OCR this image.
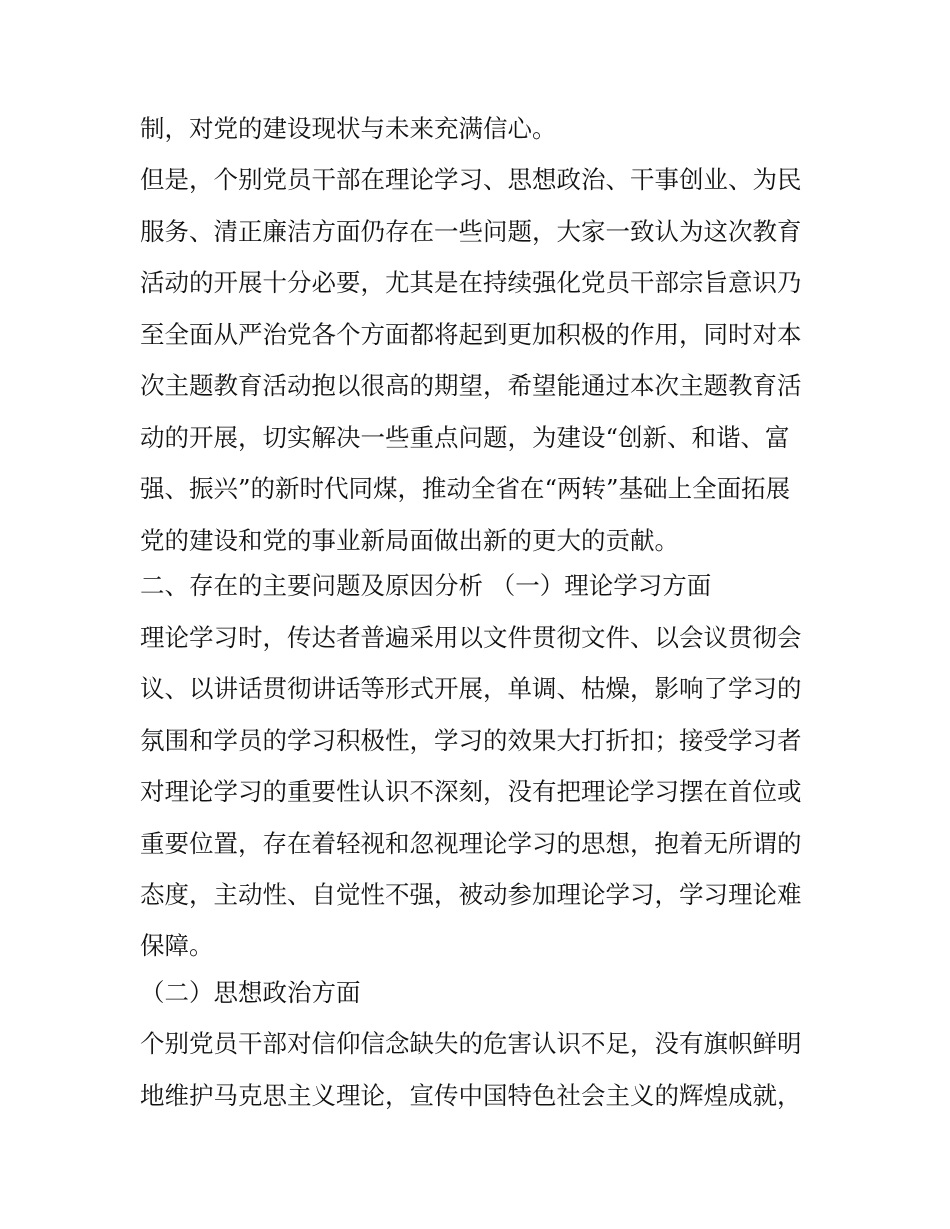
制，对党的建设现状与未来充满信心。
但是，个别党员干部在理论学习、思想政治、干事创业、为民
服务、清正廉洁方面仍存在一些问题，大家一致认为这次教育
活动的开展十分必要，尤其是在持续强化党员干部宗旨意识乃
至全面从严治党各个方面都将起到更加积极的作用，同时对本
次主题教育活动抱以很高的期望，希望能通过本次主题教育活
动的开展，切实解决一些重点问题，为建设“创新、和谐、富
强、振兴”的新时代同煤，推动全省在“两转”基础上全面拓展
党的建设和党的事业新局面做出新的更大的贡献。
二、存在的主要问题及原因分析 （一）理论学习方面
理论学习时，传达者普遍采用以文件贯彻文件、以会议贯彻会
议、以讲话贯彻讲话等形式开展，单调、枯燥，影响了学习的
氛围和学员的学习积极性，学习的效果大打折扣；接受学习者
对理论学习的重要性认识不深刻，没有把理论学习摆在首位或
重要位置，存在着轻视和忽视理论学习的思想，抱着无所谓的
态度，主动性、自觉性不强，被动参加理论学习，学习理论难
保障。
（二）思想政治方面
个别党员干部对信仰信念缺失的危害认识不足，没有旗帜鲜明
地维护马克思主义理论，宣传中国特色社会主义的辉煌成就，
